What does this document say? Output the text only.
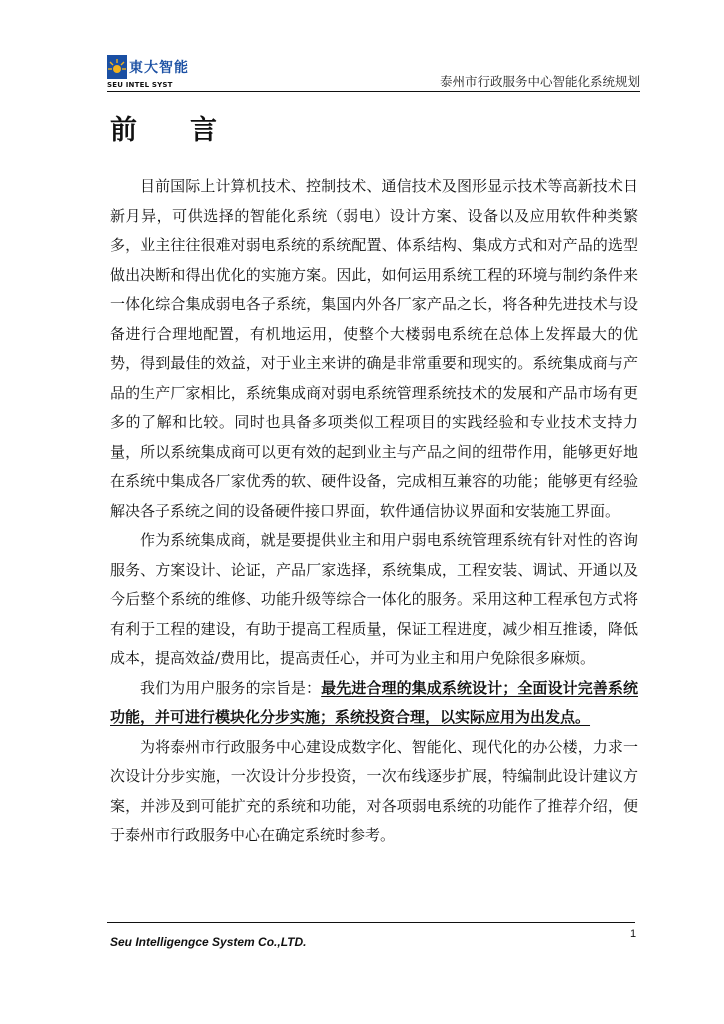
東大智能
SEU INTEL SYST	泰州市行政服务中心智能化系统规划
前 言

目前国际上计算机技术、控制技术、通信技术及图形显示技术等高新技术日新月异，可供选择的智能化系统（弱电）设计方案、设备以及应用软件种类繁多，业主往往很难对弱电系统的系统配置、体系结构、集成方式和对产品的选型做出决断和得出优化的实施方案。因此，如何运用系统工程的环境与制约条件来一体化综合集成弱电各子系统，集国内外各厂家产品之长，将各种先进技术与设备进行合理地配置，有机地运用，使整个大楼弱电系统在总体上发挥最大的优势，得到最佳的效益，对于业主来讲的确是非常重要和现实的。系统集成商与产品的生产厂家相比，系统集成商对弱电系统管理系统技术的发展和产品市场有更多的了解和比较。同时也具备多项类似工程项目的实践经验和专业技术支持力量，所以系统集成商可以更有效的起到业主与产品之间的纽带作用，能够更好地在系统中集成各厂家优秀的软、硬件设备，完成相互兼容的功能；能够更有经验解决各子系统之间的设备硬件接口界面，软件通信协议界面和安装施工界面。

作为系统集成商，就是要提供业主和用户弱电系统管理系统有针对性的咨询服务、方案设计、论证，产品厂家选择，系统集成，工程安装、调试、开通以及今后整个系统的维修、功能升级等综合一体化的服务。采用这种工程承包方式将有利于工程的建设，有助于提高工程质量，保证工程进度，减少相互推诿，降低成本，提高效益/费用比，提高责任心，并可为业主和用户免除很多麻烦。

我们为用户服务的宗旨是：最先进合理的集成系统设计；全面设计完善系统功能，并可进行模块化分步实施；系统投资合理，以实际应用为出发点。

为将泰州市行政服务中心建设成数字化、智能化、现代化的办公楼，力求一次设计分步实施，一次设计分步投资，一次布线逐步扩展，特编制此设计建议方案，并涉及到可能扩充的系统和功能，对各项弱电系统的功能作了推荐介绍，便于泰州市行政服务中心在确定系统时参考。

1
Seu Intelligengce System Co.,LTD.
